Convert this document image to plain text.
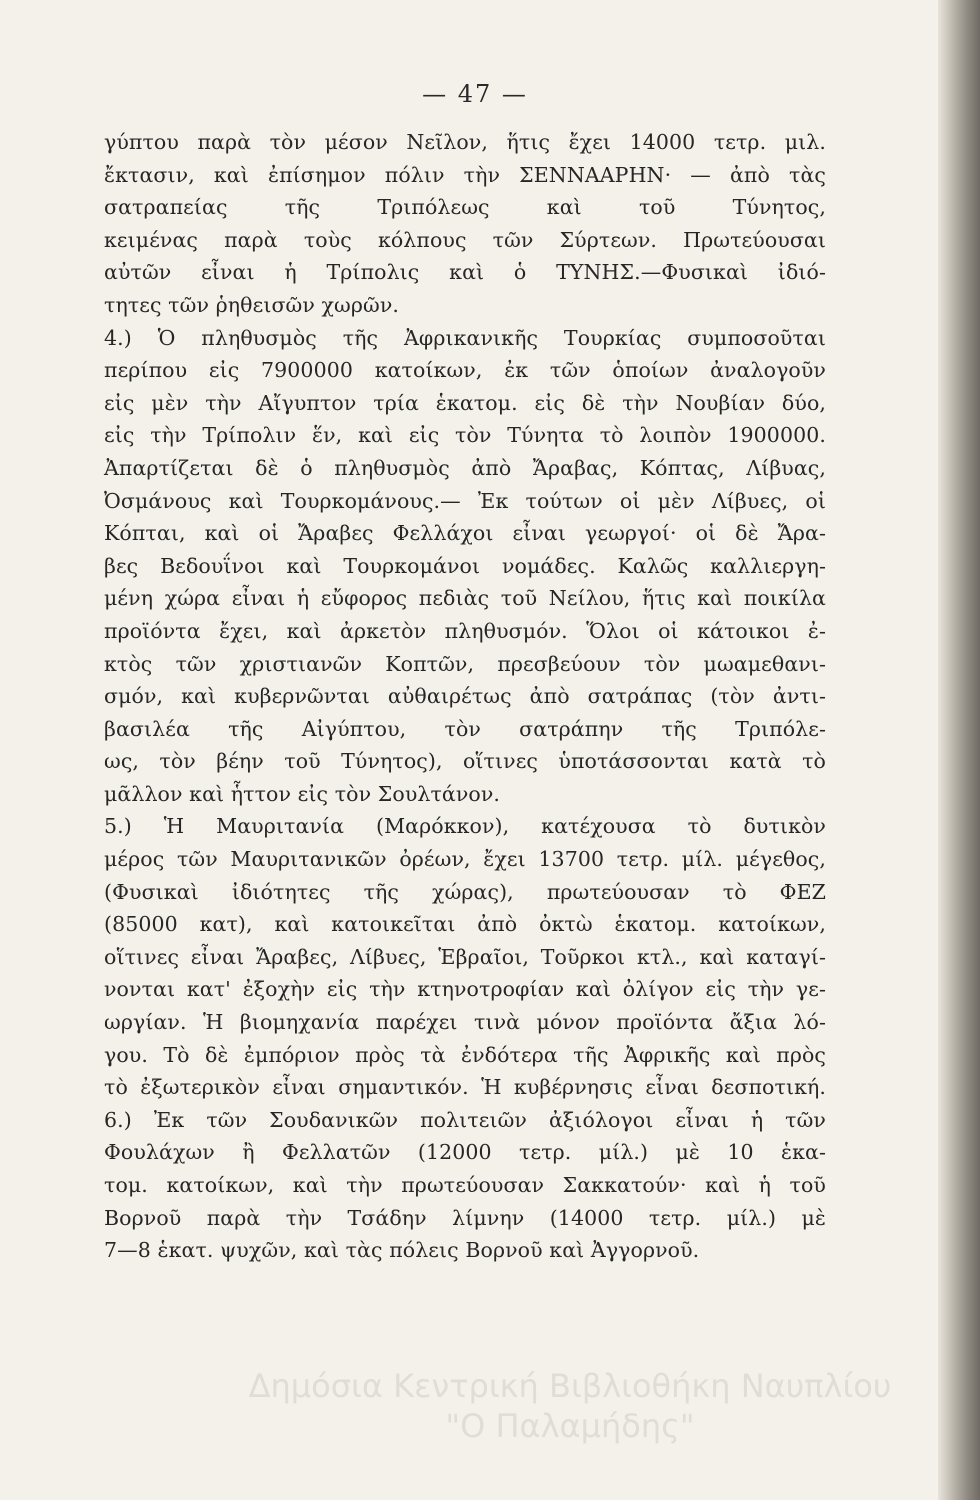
— 47 —
γύπτου παρὰ τὸν μέσον Νεῖλον, ἥτις ἔχει 14000 τετρ. μιλ.
ἔκτασιν, καὶ ἐπίσημον πόλιν τὴν ΣΕΝΝΑΑΡΗΝ· — ἀπὸ τὰς
σατραπείας τῆς Τριπόλεως καὶ τοῦ Τύνητος,
κειμένας παρὰ τοὺς κόλπους τῶν Σύρτεων. Πρωτεύουσαι
αὐτῶν εἶναι ἡ Τρίπολις καὶ ὁ ΤΥΝΗΣ.—Φυσικαὶ ἰδιό-
τητες τῶν ῥηθεισῶν χωρῶν.
4.) Ὁ πληθυσμὸς τῆς Ἀφρικανικῆς Τουρκίας συμποσοῦται
περίπου εἰς 7900000 κατοίκων, ἐκ τῶν ὁποίων ἀναλογοῦν
εἰς μὲν τὴν Αἴγυπτον τρία ἑκατομ. εἰς δὲ τὴν Νουβίαν δύο,
εἰς τὴν Τρίπολιν ἕν, καὶ εἰς τὸν Τύνητα τὸ λοιπὸν 1900000.
Ἀπαρτίζεται δὲ ὁ πληθυσμὸς ἀπὸ Ἄραβας, Κόπτας, Λίβυας,
Ὀσμάνους καὶ Τουρκομάνους.— Ἐκ τούτων οἱ μὲν Λίβυες, οἱ
Κόπται, καὶ οἱ Ἄραβες Φελλάχοι εἶναι γεωργοί· οἱ δὲ Ἄρα-
βες Βεδουΐνοι καὶ Τουρκομάνοι νομάδες. Καλῶς καλλιεργη-
μένη χώρα εἶναι ἡ εὔφορος πεδιὰς τοῦ Νείλου, ἥτις καὶ ποικίλα
προϊόντα ἔχει, καὶ ἀρκετὸν πληθυσμόν. Ὅλοι οἱ κάτοικοι ἐ-
κτὸς τῶν χριστιανῶν Κοπτῶν, πρεσβεύουν τὸν μωαμεθανι-
σμόν, καὶ κυβερνῶνται αὐθαιρέτως ἀπὸ σατράπας (τὸν ἀντι-
βασιλέα τῆς Αἰγύπτου, τὸν σατράπην τῆς Τριπόλε-
ως, τὸν βέην τοῦ Τύνητος), οἵτινες ὑποτάσσονται κατὰ τὸ
μᾶλλον καὶ ἧττον εἰς τὸν Σουλτάνον.
5.) Ἡ Μαυριτανία (Μαρόκκον), κατέχουσα τὸ δυτικὸν
μέρος τῶν Μαυριτανικῶν ὀρέων, ἔχει 13700 τετρ. μίλ. μέγεθος,
(Φυσικαὶ ἰδιότητες τῆς χώρας), πρωτεύουσαν τὸ ΦΕΖ
(85000 κατ), καὶ κατοικεῖται ἀπὸ ὀκτὼ ἑκατομ. κατοίκων,
οἵτινες εἶναι Ἄραβες, Λίβυες, Ἑβραῖοι, Τοῦρκοι κτλ., καὶ καταγί-
νονται κατ' ἐξοχὴν εἰς τὴν κτηνοτροφίαν καὶ ὀλίγον εἰς τὴν γε-
ωργίαν. Ἡ βιομηχανία παρέχει τινὰ μόνον προϊόντα ἄξια λό-
γου. Τὸ δὲ ἐμπόριον πρὸς τὰ ἐνδότερα τῆς Ἀφρικῆς καὶ πρὸς
τὸ ἐξωτερικὸν εἶναι σημαντικόν. Ἡ κυβέρνησις εἶναι δεσποτική.
6.) Ἐκ τῶν Σουδανικῶν πολιτειῶν ἀξιόλογοι εἶναι ἡ τῶν
Φουλάχων ἢ Φελλατῶν (12000 τετρ. μίλ.) μὲ 10 ἑκα-
τομ. κατοίκων, καὶ τὴν πρωτεύουσαν Σακκατούν· καὶ ἡ τοῦ
Βορνοῦ παρὰ τὴν Τσάδην λίμνην (14000 τετρ. μίλ.) μὲ
7—8 ἑκατ. ψυχῶν, καὶ τὰς πόλεις Βορνοῦ καὶ Ἀγγορνοῦ.
Δημόσια Κεντρική Βιβλιοθήκη Ναυπλίου
"Ο Παλαμήδης"
